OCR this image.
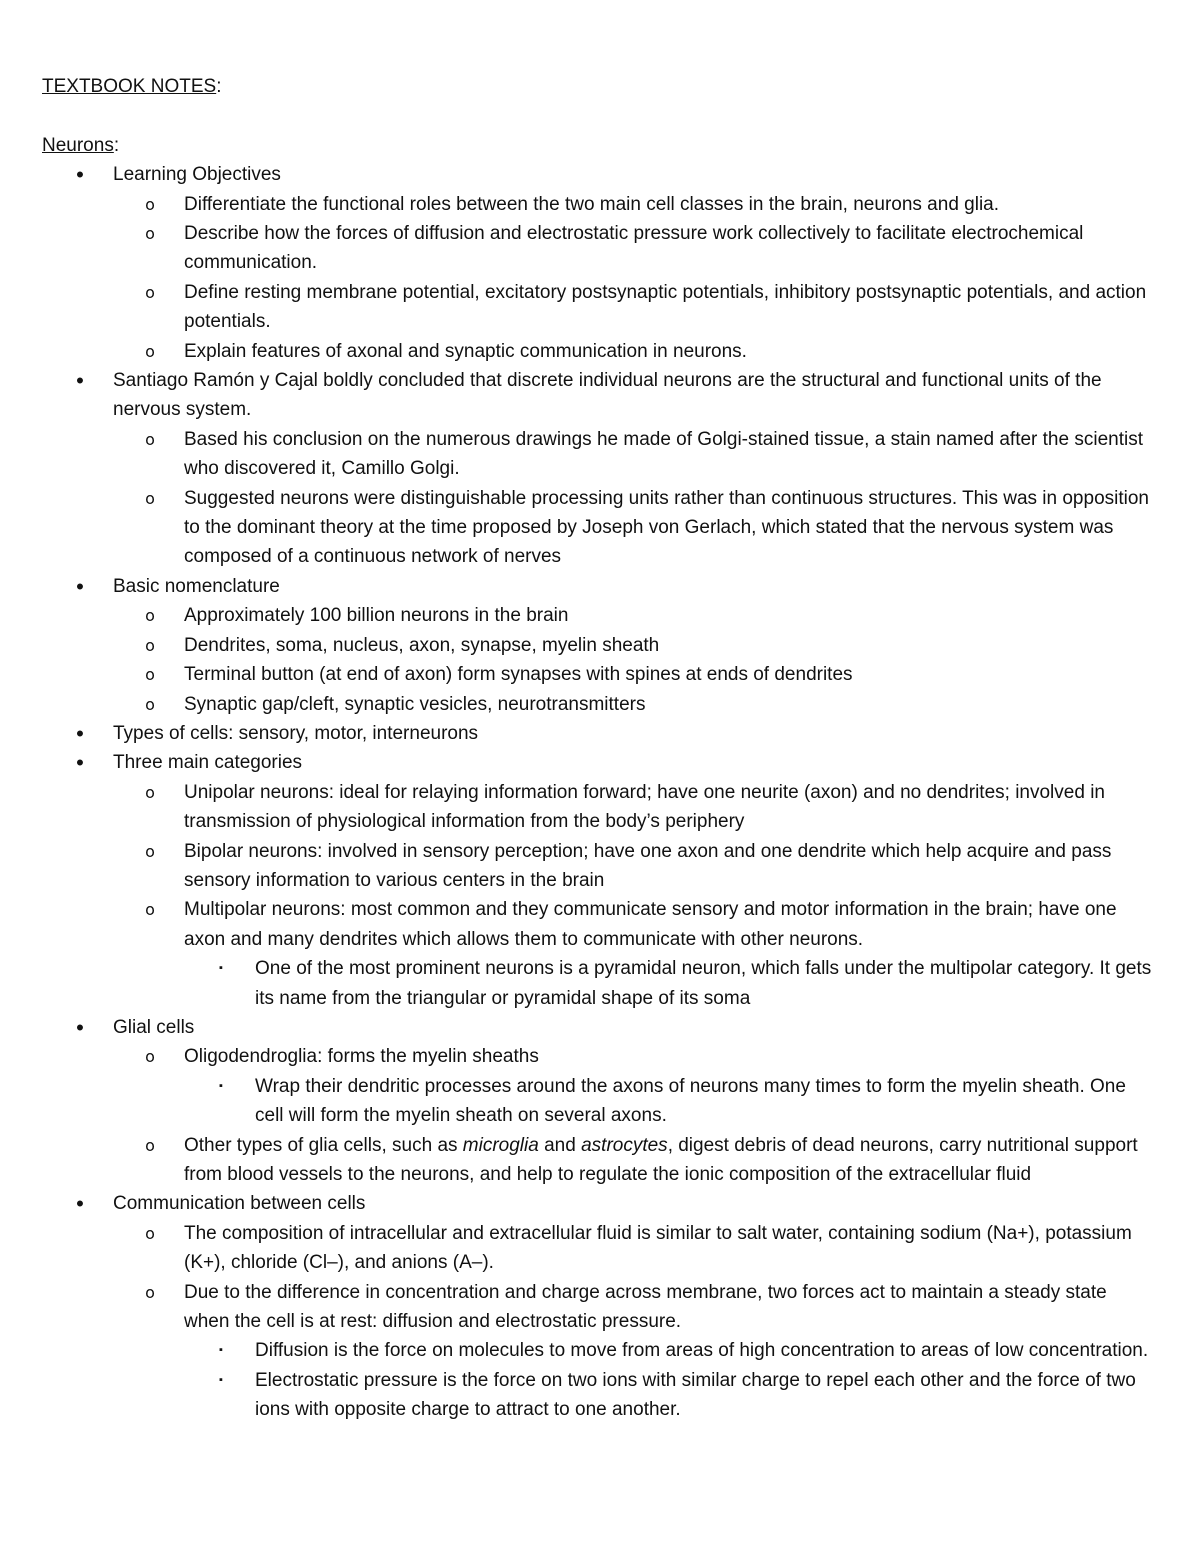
TEXTBOOK NOTES:

Neurons:

•	Learning Objectives
o Differentiate the functional roles between the two main cell classes in the brain, neurons and glia.
o Describe how the forces of diffusion and electrostatic pressure work collectively to facilitate electrochemical communication.
o Define resting membrane potential, excitatory postsynaptic potentials, inhibitory postsynaptic potentials, and action potentials.
o Explain features of axonal and synaptic communication in neurons.
•	Santiago Ramón y Cajal boldly concluded that discrete individual neurons are the structural and functional units of the nervous system.
o Based his conclusion on the numerous drawings he made of Golgi-stained tissue, a stain named after the scientist who discovered it, Camillo Golgi.
o Suggested neurons were distinguishable processing units rather than continuous structures. This was in opposition to the dominant theory at the time proposed by Joseph von Gerlach, which stated that the nervous system was composed of a continuous network of nerves
•	Basic nomenclature
o Approximately 100 billion neurons in the brain
o Dendrites, soma, nucleus, axon, synapse, myelin sheath
o Terminal button (at end of axon) form synapses with spines at ends of dendrites
o Synaptic gap/cleft, synaptic vesicles, neurotransmitters
•	Types of cells: sensory, motor, interneurons
•	Three main categories
o Unipolar neurons: ideal for relaying information forward; have one neurite (axon) and no dendrites; involved in transmission of physiological information from the body’s periphery
o Bipolar neurons: involved in sensory perception; have one axon and one dendrite which help acquire and pass sensory information to various centers in the brain
o Multipolar neurons: most common and they communicate sensory and motor information in the brain; have one axon and many dendrites which allows them to communicate with other neurons.
▪	One of the most prominent neurons is a pyramidal neuron, which falls under the multipolar category. It gets its name from the triangular or pyramidal shape of its soma
•	Glial cells
o Oligodendroglia: forms the myelin sheaths
▪	Wrap their dendritic processes around the axons of neurons many times to form the myelin sheath. One cell will form the myelin sheath on several axons.
o Other types of glia cells, such as microglia and astrocytes, digest debris of dead neurons, carry nutritional support from blood vessels to the neurons, and help to regulate the ionic composition of the extracellular fluid
•	Communication between cells
o The composition of intracellular and extracellular fluid is similar to salt water, containing sodium (Na+), potassium (K+), chloride (Cl–), and anions (A–).
o Due to the difference in concentration and charge across membrane, two forces act to maintain a steady state when the cell is at rest: diffusion and electrostatic pressure.
▪	Diffusion is the force on molecules to move from areas of high concentration to areas of low concentration.
▪	Electrostatic pressure is the force on two ions with similar charge to repel each other and the force of two ions with opposite charge to attract to one another.
